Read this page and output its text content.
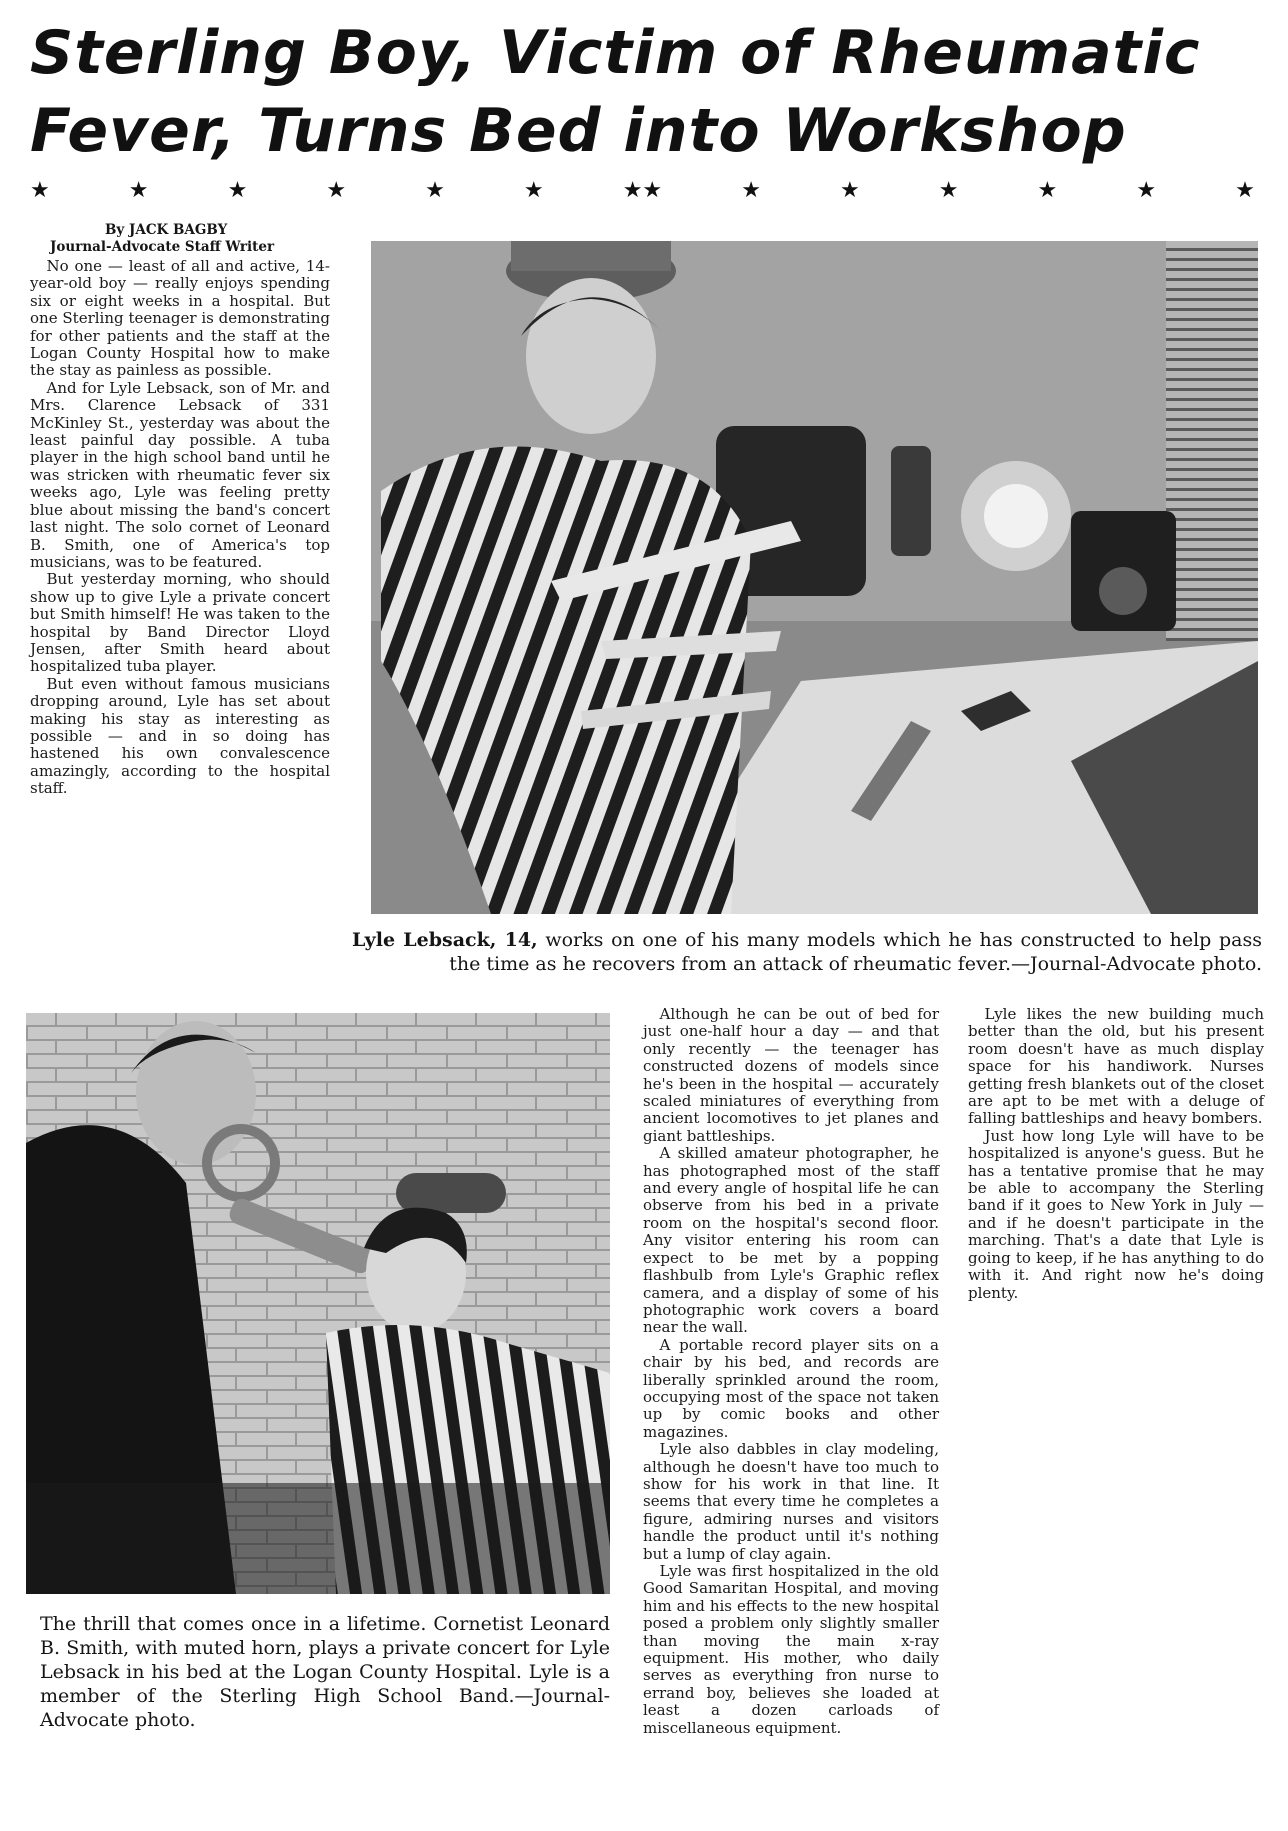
Sterling Boy, Victim of Rheumatic Fever, Turns Bed into Workshop
★	★	★	★	★	★	★★	★	★	★	★	★	★
By JACK BAGBY
Journal-Advocate Staff Writer

No one — least of all and active, 14-year-old boy — really enjoys spending six or eight weeks in a hospital. But one Sterling teenager is demonstrating for other patients and the staff at the Logan County Hospital how to make the stay as painless as possible.

And for Lyle Lebsack, son of Mr. and Mrs. Clarence Lebsack of 331 McKinley St., yesterday was about the least painful day possible. A tuba player in the high school band until he was stricken with rheumatic fever six weeks ago, Lyle was feeling pretty blue about missing the band's concert last night. The solo cornet of Leonard B. Smith, one of America's top musicians, was to be featured.

But yesterday morning, who should show up to give Lyle a private concert but Smith himself! He was taken to the hospital by Band Director Lloyd Jensen, after Smith heard about hospitalized tuba player.

But even without famous musicians dropping around, Lyle has set about making his stay as interesting as possible — and in so doing has hastened his own convalescence amazingly, according to the hospital staff.

Lyle Lebsack, 14, works on one of his many models which he has constructed to help pass the time as he recovers from an attack of rheumatic fever.—Journal-Advocate photo.
The thrill that comes once in a lifetime. Cornetist Leonard B. Smith, with muted horn, plays a private concert for Lyle Lebsack in his bed at the Logan County Hospital. Lyle is a member of the Sterling High School Band.—Journal-Advocate photo.

Although he can be out of bed for just one-half hour a day — and that only recently — the teenager has constructed dozens of models since he's been in the hospital — accurately scaled miniatures of everything from ancient locomotives to jet planes and giant battleships.

A skilled amateur photographer, he has photographed most of the staff and every angle of hospital life he can observe from his bed in a private room on the hospital's second floor. Any visitor entering his room can expect to be met by a popping flashbulb from Lyle's Graphic reflex camera, and a display of some of his photographic work covers a board near the wall.

A portable record player sits on a chair by his bed, and records are liberally sprinkled around the room, occupying most of the space not taken up by comic books and other magazines.

Lyle also dabbles in clay modeling, although he doesn't have too much to show for his work in that line. It seems that every time he completes a figure, admiring nurses and visitors handle the product until it's nothing but a lump of clay again.

Lyle was first hospitalized in the old Good Samaritan Hospital, and moving him and his effects to the new hospital posed a problem only slightly smaller than moving the main x-ray equipment. His mother, who daily serves as everything fron nurse to errand boy, believes she loaded at least a dozen carloads of miscellaneous equipment.

Lyle likes the new building much better than the old, but his present room doesn't have as much display space for his handiwork. Nurses getting fresh blankets out of the closet are apt to be met with a deluge of falling battleships and heavy bombers.

Just how long Lyle will have to be hospitalized is anyone's guess. But he has a tentative promise that he may be able to accompany the Sterling band if it goes to New York in July — and if he doesn't participate in the marching. That's a date that Lyle is going to keep, if he has anything to do with it. And right now he's doing plenty.
